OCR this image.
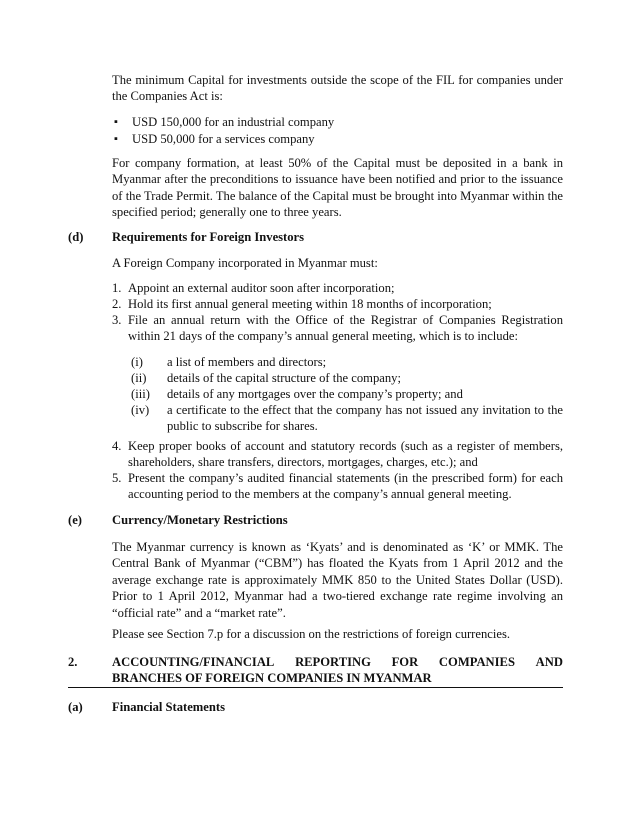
The minimum Capital for investments outside the scope of the FIL for companies under the Companies Act is:

▪ USD 150,000 for an industrial company
▪ USD 50,000 for a services company

For company formation, at least 50% of the Capital must be deposited in a bank in Myanmar after the preconditions to issuance have been notified and prior to the issuance of the Trade Permit. The balance of the Capital must be brought into Myanmar within the specified period; generally one to three years.

(d) Requirements for Foreign Investors

A Foreign Company incorporated in Myanmar must:

1. Appoint an external auditor soon after incorporation;
2. Hold its first annual general meeting within 18 months of incorporation;
3. File an annual return with the Office of the Registrar of Companies Registration within 21 days of the company’s annual general meeting, which is to include:
(i) a list of members and directors;
(ii) details of the capital structure of the company;
(iii) details of any mortgages over the company’s property; and
(iv) a certificate to the effect that the company has not issued any invitation to the public to subscribe for shares.
4. Keep proper books of account and statutory records (such as a register of members, shareholders, share transfers, directors, mortgages, charges, etc.); and
5. Present the company’s audited financial statements (in the prescribed form) for each accounting period to the members at the company’s annual general meeting.
(e) Currency/Monetary Restrictions

The Myanmar currency is known as ‘Kyats’ and is denominated as ‘K’ or MMK. The Central Bank of Myanmar (“CBM”) has floated the Kyats from 1 April 2012 and the average exchange rate is approximately MMK 850 to the United States Dollar (USD). Prior to 1 April 2012, Myanmar had a two-tiered exchange rate regime involving an “official rate” and a “market rate”.

Please see Section 7.p for a discussion on the restrictions of foreign currencies.

2.	ACCOUNTING/FINANCIAL REPORTING FOR COMPANIES AND
BRANCHES OF FOREIGN COMPANIES IN MYANMAR
(a) Financial Statements
